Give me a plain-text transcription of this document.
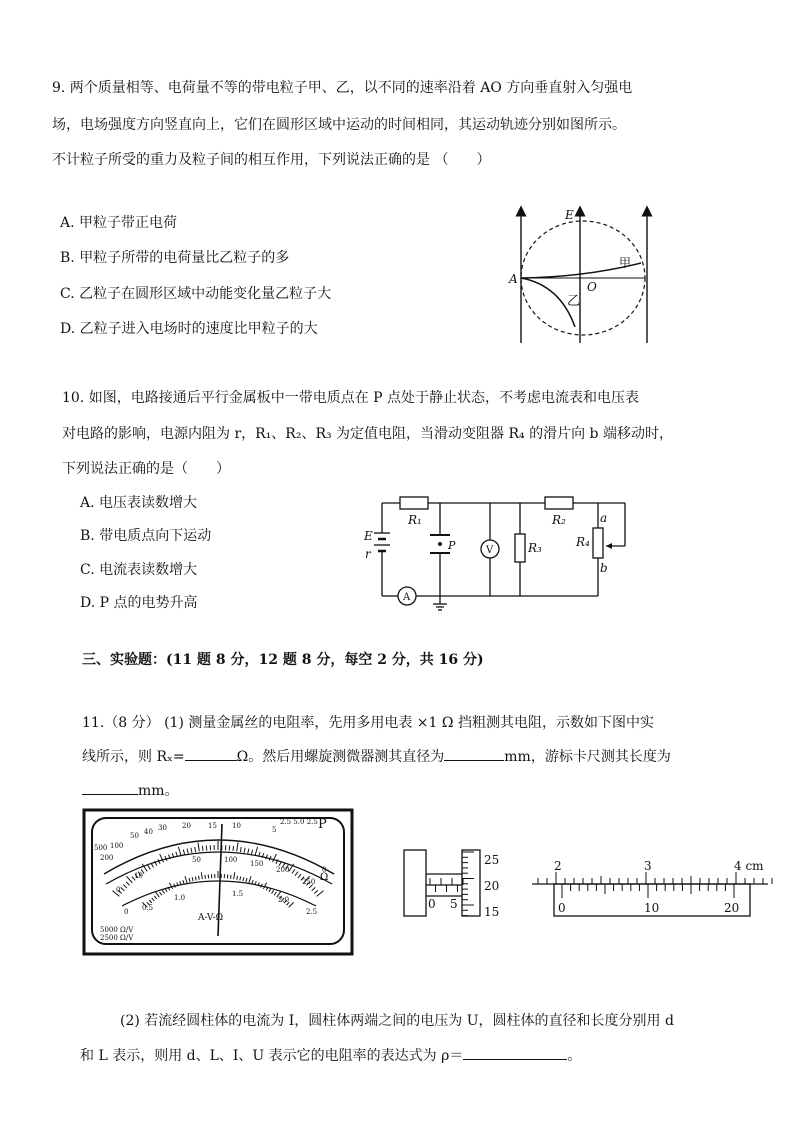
9. 两个质量相等、电荷量不等的带电粒子甲、乙，以不同的速率沿着 AO 方向垂直射入匀强电
场，电场强度方向竖直向上，它们在圆形区域中运动的时间相同，其运动轨迹分别如图所示。
不计粒子所受的重力及粒子间的相互作用，下列说法正确的是 （　　）
A. 甲粒子带正电荷
B. 甲粒子所带的电荷量比乙粒子的多
C. 乙粒子在圆形区域中动能变化量乙粒子大
D. 乙粒子进入电场时的速度比甲粒子的大
E
A
O
甲
乙
10. 如图，电路接通后平行金属板中一带电质点在 P 点处于静止状态，不考虑电流表和电压表
对电路的影响，电源内阻为 r，R₁、R₂、R₃ 为定值电阻，当滑动变阻器 R₄ 的滑片向 b 端移动时，
下列说法正确的是（　　）
A. 电压表读数增大
B. 带电质点向下运动
C. 电流表读数增大
D. P 点的电势升高
E
r
R₁	R₂
R₃	R₄
a
b
P	V
A
三、实验题：(11 题 8 分，12 题 8 分，每空 2 分，共 16 分)
11.（8 分） (1) 测量金属丝的电阻率，先用多用电表 ×1 Ω 挡粗测其电阻，示数如下图中实
线所示，则 Rₓ=	Ω。然后用螺旋测微器测其直径为	mm，游标卡尺测其长度为
mm。
500
200
100
50 40 30 20 15 10	5
0
2.5 5.0 2.5
0
10
50	100 150
200
250
0 0.5
1.0	1.5
2.0
2.5
5000 Ω/V
2500 Ω/V
P
Ω
A-V-Ω
25
20
15
0 5
2	3	4 cm
0	10	20
(2) 若流经圆柱体的电流为 I，圆柱体两端之间的电压为 U，圆柱体的直径和长度分别用 d
和 L 表示，则用 d、L、I、U 表示它的电阻率的表达式为 ρ＝	。
